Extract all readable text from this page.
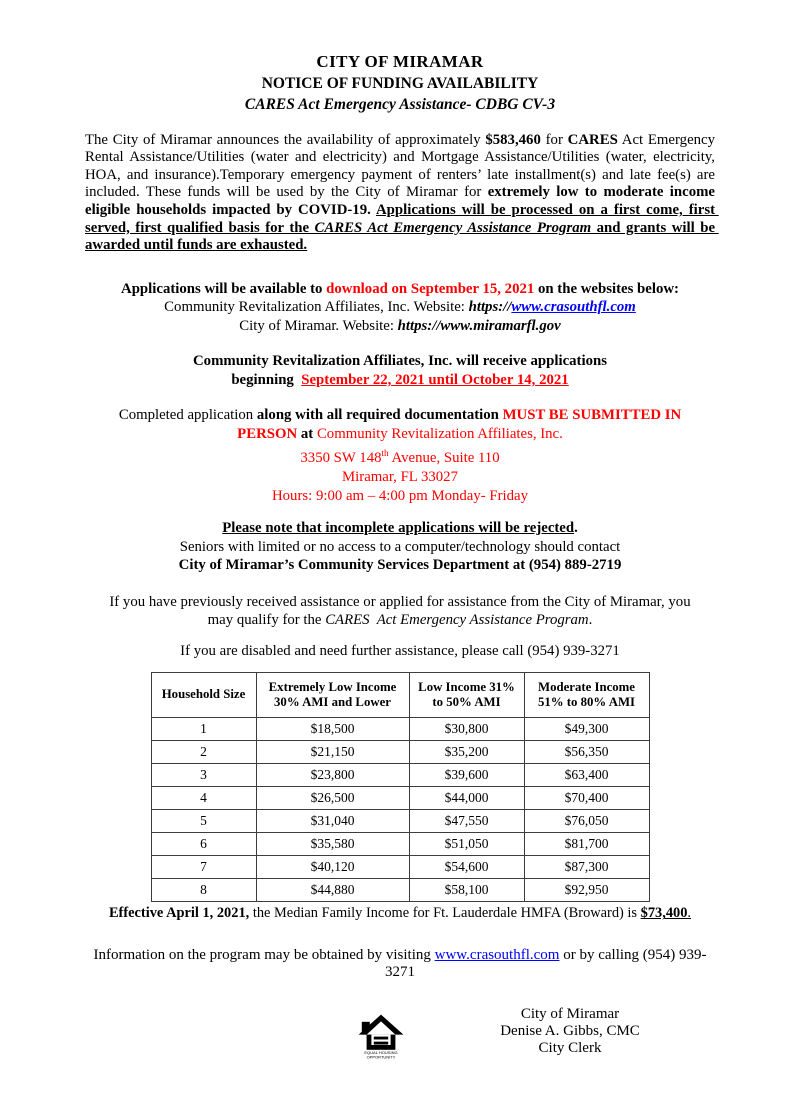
CITY OF MIRAMAR
NOTICE OF FUNDING AVAILABILITY
CARES Act Emergency Assistance- CDBG CV-3

The City of Miramar announces the availability of approximately $583,460 for CARES Act Emergency Rental Assistance/Utilities (water and electricity) and Mortgage Assistance/Utilities (water, electricity, HOA, and insurance).Temporary emergency payment of renters’ late installment(s) and late fee(s) are included. These funds will be used by the City of Miramar for extremely low to moderate income eligible households impacted by COVID-19. Applications will be processed on a first come, first served, first qualified basis for the CARES Act Emergency Assistance Program and grants will be awarded until funds are exhausted.

Applications will be available to download on September 15, 2021 on the websites below:
Community Revitalization Affiliates, Inc. Website: https://www.crasouthfl.com
City of Miramar. Website: https://www.miramarfl.gov
Community Revitalization Affiliates, Inc. will receive applications
beginning  September 22, 2021 until October 14, 2021
Completed application along with all required documentation MUST BE SUBMITTED IN
PERSON at Community Revitalization Affiliates, Inc.
3350 SW 148th Avenue, Suite 110
Miramar, FL 33027
Hours: 9:00 am – 4:00 pm Monday- Friday
Please note that incomplete applications will be rejected.
Seniors with limited or no access to a computer/technology should contact
City of Miramar’s Community Services Department at (954) 889-2719

If you have previously received assistance or applied for assistance from the City of Miramar, you may qualify for the CARES  Act Emergency Assistance Program.

If you are disabled and need further assistance, please call (954) 939-3271
Household Size	Extremely Low Income 30% AMI and Lower	Low Income 31% to 50% AMI	Moderate Income 51% to 80% AMI
1	$18,500	$30,800	$49,300
2	$21,150	$35,200	$56,350
3	$23,800	$39,600	$63,400
4	$26,500	$44,000	$70,400
5	$31,040	$47,550	$76,050
6	$35,580	$51,050	$81,700
7	$40,120	$54,600	$87,300
8	$44,880	$58,100	$92,950
Effective April 1, 2021, the Median Family Income for Ft. Lauderdale HMFA (Broward) is $73,400.
Information on the program may be obtained by visiting www.crasouthfl.com or by calling (954) 939-3271
EQUAL HOUSING
OPPORTUNITY
City of Miramar
Denise A. Gibbs, CMC
City Clerk
